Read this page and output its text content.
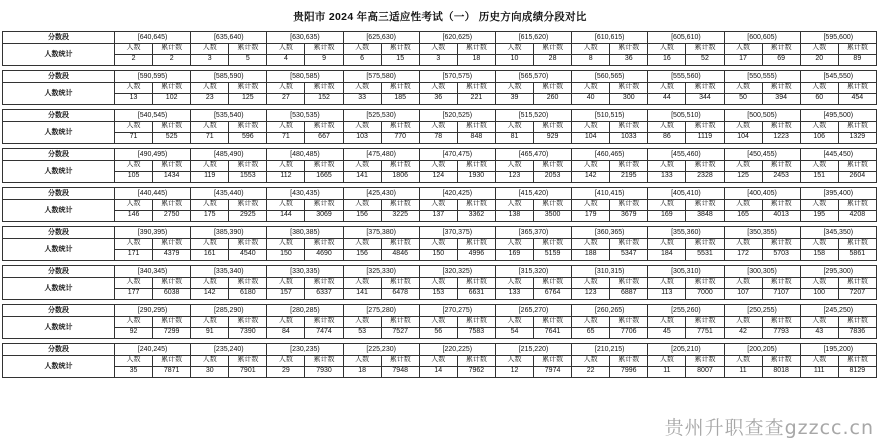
贵阳市 2024 年高三适应性考试（一） 历史方向成绩分段对比
分数段	[640,645)	[635,640)	[630,635)	[625,630)	[620,625)	[615,620)	[610,615)	[605,610)	[600,605)	[595,600)
人数统计	人数 累计数	人数 累计数	人数 累计数	人数 累计数	人数 累计数	人数 累计数	人数 累计数	人数 累计数	人数 累计数	人数 累计数

	2 2	3 5	4 9	6 15	3 18	10 28	8 36	16 52	17 69	20 89

分数段	[590,595)	[585,590)	[580,585)	[575,580)	[570,575)	[565,570)	[560,565)	[555,560)	[550,555)	[545,550)
人数统计	人数 累计数	人数 累计数	人数 累计数	人数 累计数	人数 累计数	人数 累计数	人数 累计数	人数 累计数	人数 累计数	人数 累计数

	13 102	23 125	27 152	33 185	36 221	39 260	40 300	44 344	50 394	60 454

分数段	[540,545)	[535,540)	[530,535)	[525,530)	[520,525)	[515,520)	[510,515)	[505,510)	[500,505)	[495,500)
人数统计	人数 累计数	人数 累计数	人数 累计数	人数 累计数	人数 累计数	人数 累计数	人数 累计数	人数 累计数	人数 累计数	人数 累计数

	71 525	71 596	71 667	103 770	78 848	81 929	104 1033	86 1119	104 1223	106 1329

分数段	[490,495)	[485,490)	[480,485)	[475,480)	[470,475)	[465,470)	[460,465)	[455,460)	[450,455)	[445,450)
人数统计	人数 累计数	人数 累计数	人数 累计数	人数 累计数	人数 累计数	人数 累计数	人数 累计数	人数 累计数	人数 累计数	人数 累计数

	105 1434	119 1553	112 1665	141 1806	124 1930	123 2053	142 2195	133 2328	125 2453	151 2604

分数段	[440,445)	[435,440)	[430,435)	[425,430)	[420,425)	[415,420)	[410,415)	[405,410)	[400,405)	[395,400)
人数统计	人数 累计数	人数 累计数	人数 累计数	人数 累计数	人数 累计数	人数 累计数	人数 累计数	人数 累计数	人数 累计数	人数 累计数

	146 2750	175 2925	144 3069	156 3225	137 3362	138 3500	179 3679	169 3848	165 4013	195 4208

分数段	[390,395)	[385,390)	[380,385)	[375,380)	[370,375)	[365,370)	[360,365)	[355,360)	[350,355)	[345,350)
人数统计	人数 累计数	人数 累计数	人数 累计数	人数 累计数	人数 累计数	人数 累计数	人数 累计数	人数 累计数	人数 累计数	人数 累计数

	171 4379	161 4540	150 4690	156 4846	150 4996	169 5159	188 5347	184 5531	172 5703	158 5861

分数段	[340,345)	[335,340)	[330,335)	[325,330)	[320,325)	[315,320)	[310,315)	[305,310)	[300,305)	[295,300)
人数统计	人数 累计数	人数 累计数	人数 累计数	人数 累计数	人数 累计数	人数 累计数	人数 累计数	人数 累计数	人数 累计数	人数 累计数

	177 6038	142 6180	157 6337	141 6478	153 6631	133 6764	123 6887	113 7000	107 7107	100 7207

分数段	[290,295)	[285,290)	[280,285)	[275,280)	[270,275)	[265,270)	[260,265)	[255,260)	[250,255)	[245,250)
人数统计	人数 累计数	人数 累计数	人数 累计数	人数 累计数	人数 累计数	人数 累计数	人数 累计数	人数 累计数	人数 累计数	人数 累计数

	92 7299	91 7390	84 7474	53 7527	56 7583	54 7641	65 7706	45 7751	42 7793	43 7836

分数段	[240,245)	[235,240)	[230,235)	[225,230)	[220,225)	[215,220)	[210,215)	[205,210)	[200,205)	[195,200)
人数统计	人数 累计数	人数 累计数	人数 累计数	人数 累计数	人数 累计数	人数 累计数	人数 累计数	人数 累计数	人数 累计数	人数 累计数

	35 7871	30 7901	29 7930	18 7948	14 7962	12 7974	22 7996	11 8007	11 8018	111 8129
贵州升职查查gzzcc.cn
